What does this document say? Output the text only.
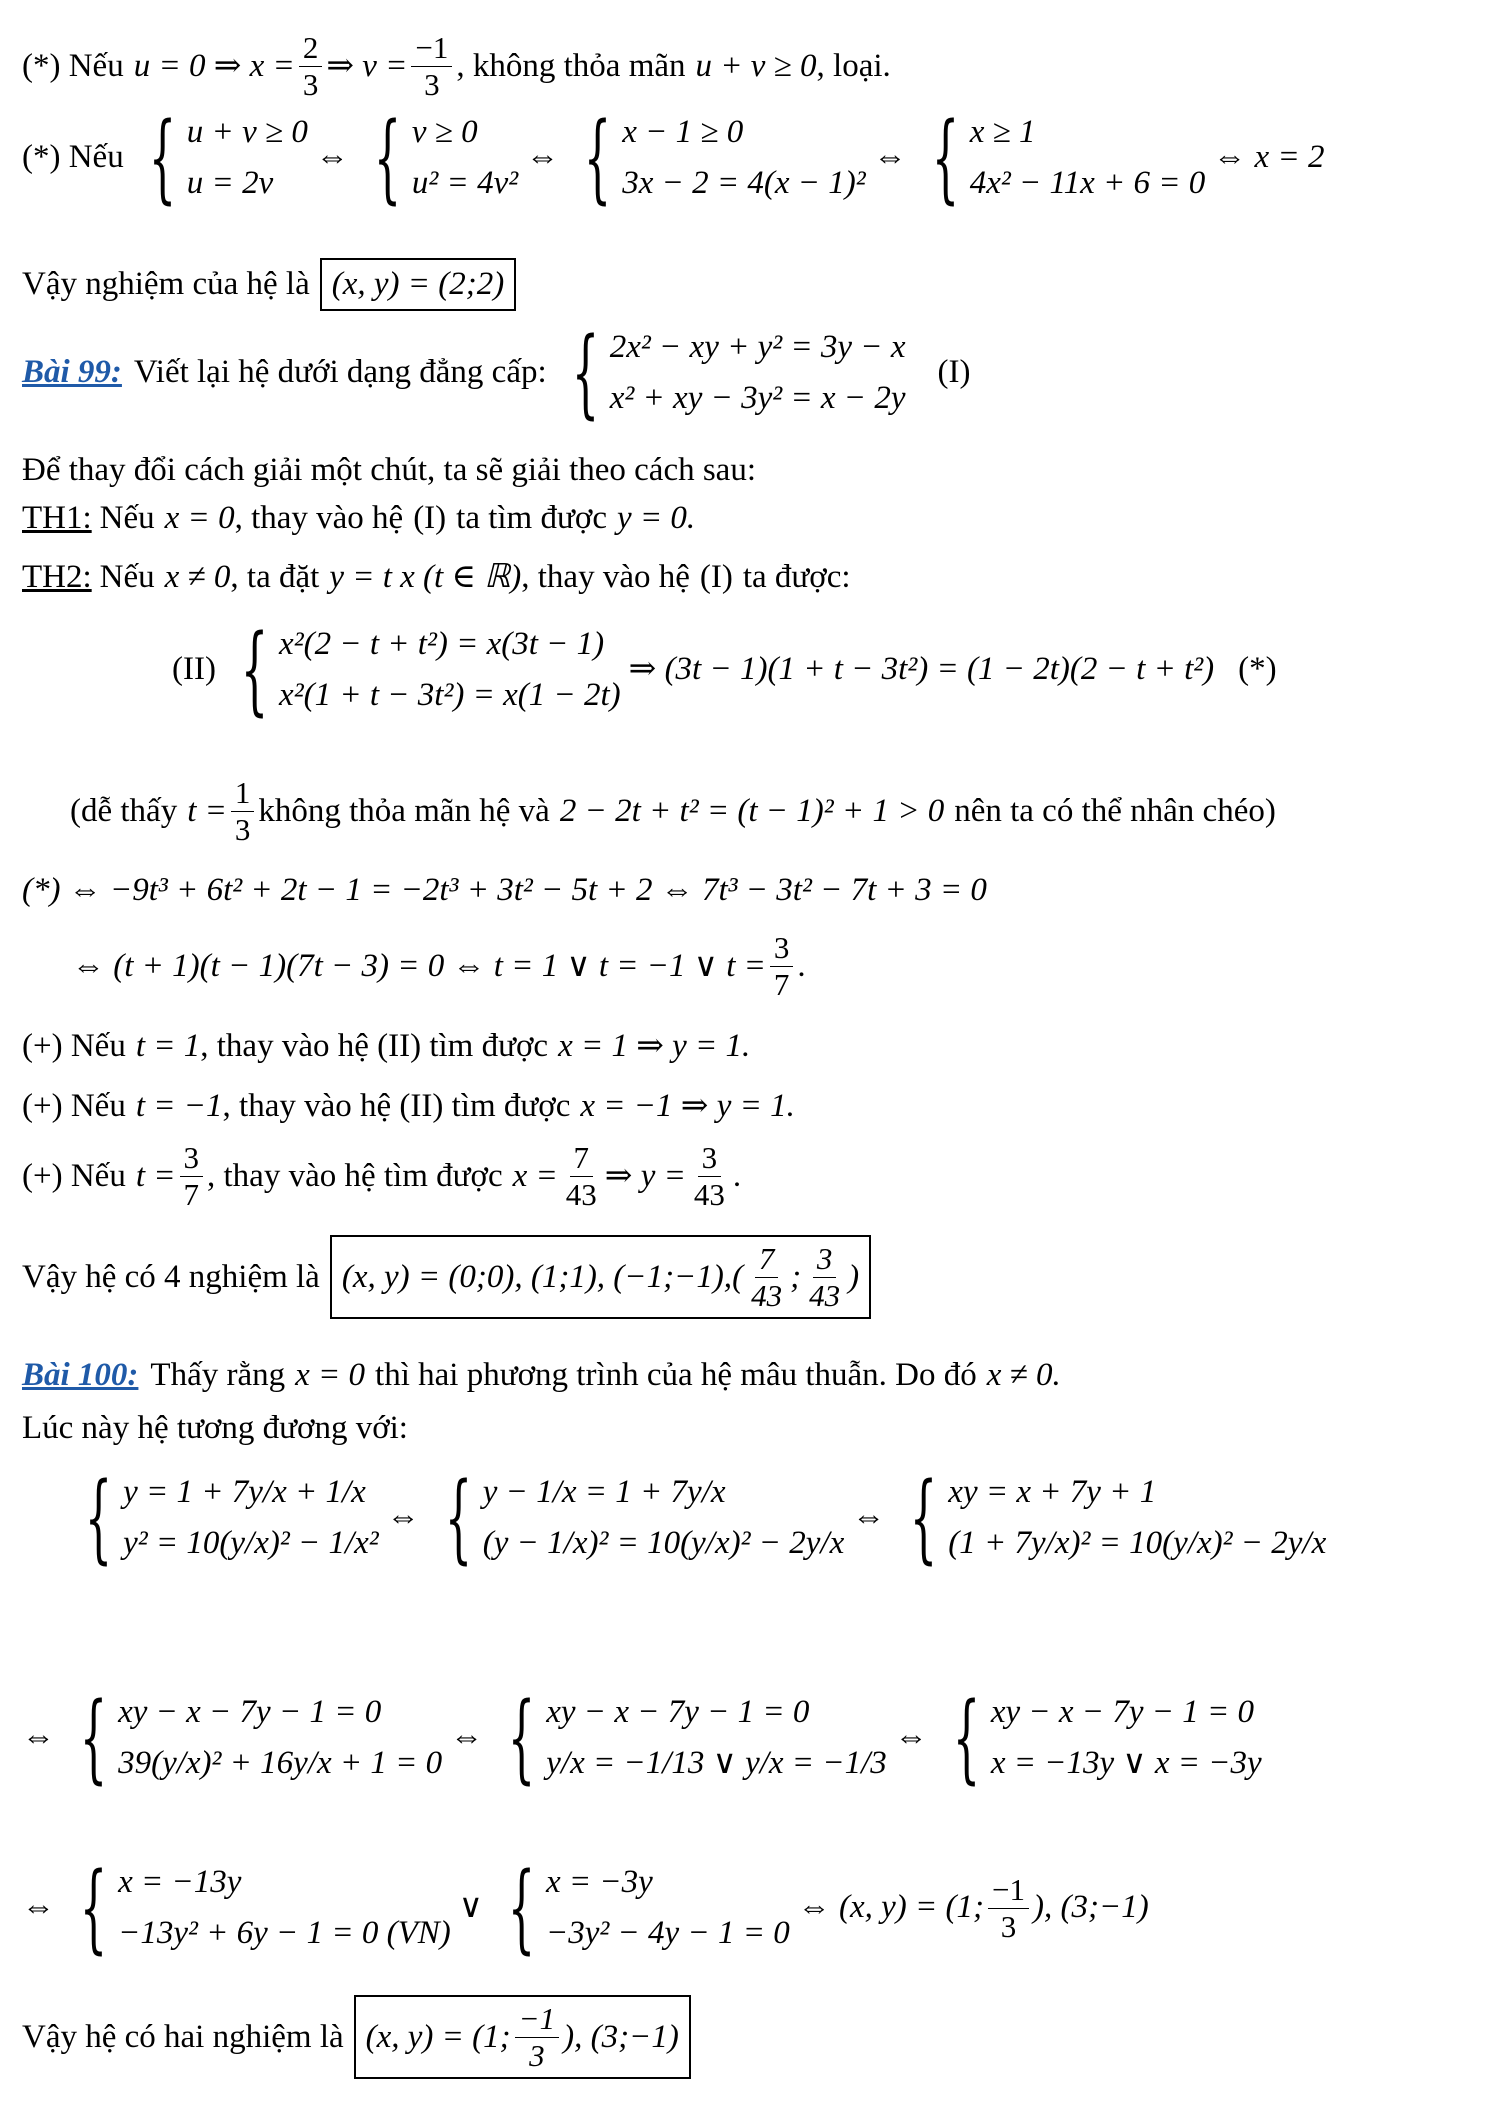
(*) Nếu u = 0 ⇒ $x = \frac{2}{3}$ ⇒ $v = \frac{-1}{3}$ , không thỏa mãn u + v ≥ 0 , loại.
(*) Nếu { u + v ≥ 0
u = 2v
⇔ { v ≥ 0
u² = 4v²
⇔ { x − 1 ≥ 0
3x − 2 = 4(x − 1)²
⇔ { x ≥ 1
4x² − 11x + 6 = 0
⇔ x = 2
Vậy nghiệm của hệ là (x, y) = (2;2)
Bài 99: Viết lại hệ dưới dạng đẳng cấp: { 2x² − xy + y² = 3y − x
x² + xy − 3y² = x − 2y
(I)
Để thay đổi cách giải một chút, ta sẽ giải theo cách sau:
TH1: Nếu x = 0 , thay vào hệ (I) ta tìm được y = 0.
TH2: Nếu x ≠ 0 , ta đặt y = t x (t ∈ ℝ) , thay vào hệ (I) ta được:
(II) { x²(2 − t + t²) = x(3t − 1)
x²(1 + t − 3t²) = x(1 − 2t)
⇒ (3t − 1)(1 + t − 3t²) = (1 − 2t)(2 − t + t²) (*)
(dễ thấy $t = \frac{1}{3}$ không thỏa mãn hệ và 2 − 2t + t² = (t − 1)² + 1 > 0 nên ta có thể nhân chéo)
(*) ⇔ −9t³ + 6t² + 2t − 1 = −2t³ + 3t² − 5t + 2 ⇔ 7t³ − 3t² − 7t + 3 = 0
⇔ (t + 1)(t − 1)(7t − 3) = 0 ⇔ t = 1 ∨ t = −1 ∨ $t = \frac{3}{7}$ .
(+) Nếu t = 1 , thay vào hệ (II) tìm được x = 1 ⇒ y = 1.
(+) Nếu t = −1 , thay vào hệ (II) tìm được x = −1 ⇒ y = 1.
(+) Nếu $t = \frac{3}{7}$ , thay vào hệ tìm được $x = \frac{7}{43}$ ⇒ $y = \frac{3}{43}$ .
Vậy hệ có 4 nghiệm là (x, y) = (0;0), (1;1), (−1;−1), ( $\frac{7}{43}$ ; $\frac{3}{43}$ )
Bài 100: Thấy rằng x = 0 thì hai phương trình của hệ mâu thuẫn. Do đó x ≠ 0.
Lúc này hệ tương đương với:
{ y = 1 + 7y/x + 1/x
y² = 10(y/x)² − 1/x²
⇔ { y − 1/x = 1 + 7y/x
(y − 1/x)² = 10(y/x)² − 2y/x
⇔ { xy = x + 7y + 1
(1 + 7y/x)² = 10(y/x)² − 2y/x
⇔ { xy − x − 7y − 1 = 0
39(y/x)² + 16y/x + 1 = 0
⇔ { xy − x − 7y − 1 = 0
y/x = −1/13 ∨ y/x = −1/3
⇔ { xy − x − 7y − 1 = 0
x = −13y ∨ x = −3y
⇔ { x = −13y
−13y² + 6y − 1 = 0 (VN)
∨ { x = −3y
−3y² − 4y − 1 = 0
⇔ (x, y) = (1; $\frac{-1}{3}$ ), (3;−1)
Vậy hệ có hai nghiệm là (x, y) = (1; $\frac{-1}{3}$ ), (3;−1)
